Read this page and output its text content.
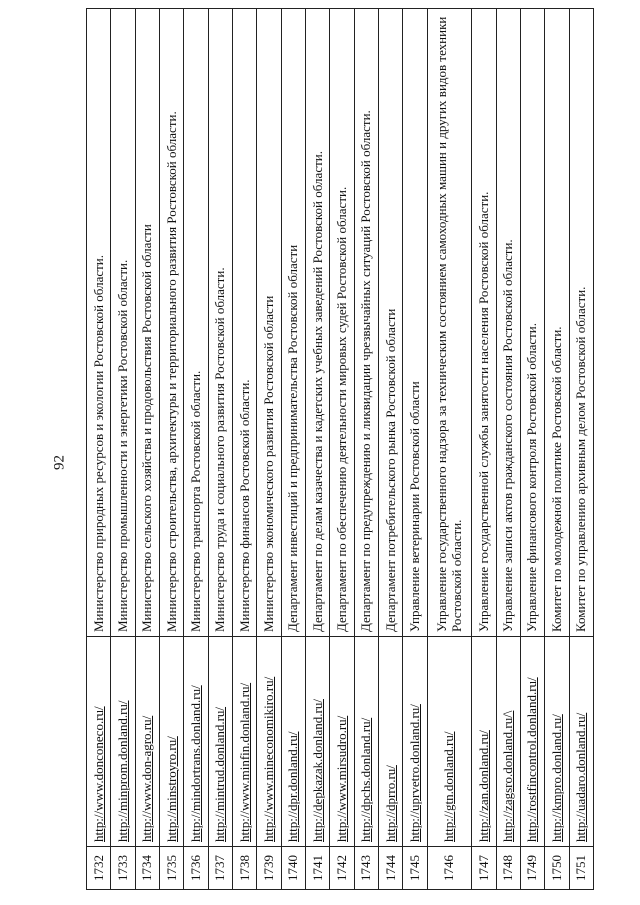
92
1732	http://www.donconeco.ru/	Министерство природных ресурсов и экологии Ростовской области.
1733	http://minprom.donland.ru/	Министерство промышленности и энергетики Ростовской области.
1734	http://www.don-agro.ru/	Министерство сельского хозяйства и продовольствия Ростовской области
1735	http://minstroyro.ru/	Министерство строительства, архитектуры и территориального развития Ростовской области.
1736	http://mindortrans.donland.ru/	Министерство транспорта Ростовской области.
1737	http://mintrud.donland.ru/	Министерство труда и социального развития Ростовской области.
1738	http://www.minfin.donland.ru/	Министерство финансов Ростовской области.
1739	http://www.mineconomikiro.ru/	Министерство экономического развития Ростовской области
1740	http://dpr.donland.ru/	Департамент инвестиций и предпринимательства Ростовской области
1741	http://depkazak.donland.ru/	Департамент по делам казачества и кадетских учебных заведений Ростовской области.
1742	http://www.mirsudro.ru/	Департамент по обеспечению деятельности мировых судей Ростовской области.
1743	http://dpchs.donland.ru/	Департамент по предупреждению и ликвидации чрезвычайных ситуаций Ростовской области.
1744	http://dprro.ru/	Департамент потребительского рынка Ростовской области
1745	http://uprvetro.donland.ru/	Управление ветеринарии Ростовской области
1746	http://gtn.donland.ru/	Управление государственного надзора за техническим состоянием самоходных машин и других видов техники Ростовской области.
1747	http://zan.donland.ru/	Управление государственной службы занятости населения Ростовской области.
1748	http://zagsro.donland.ru/\	Управление записи актов гражданского состояния Ростовской области.
1749	http://rostfincontrol.donland.ru/	Управление финансового контроля Ростовской области.
1750	http://kmpro.donland.ru/	Комитет по молодежной политике Ростовской области.
1751	http://uadaro.donland.ru/	Комитет по управлению архивным делом Ростовской области.
